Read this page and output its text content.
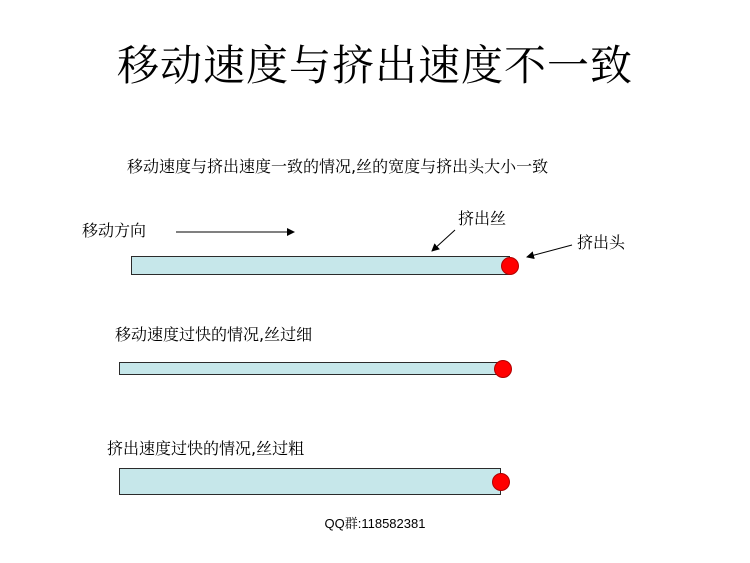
移动速度与挤出速度不一致
移动速度与挤出速度一致的情况,丝的宽度与挤出头大小一致
移动方向
挤出丝
挤出头
移动速度过快的情况,丝过细
挤出速度过快的情况,丝过粗
QQ群:118582381
